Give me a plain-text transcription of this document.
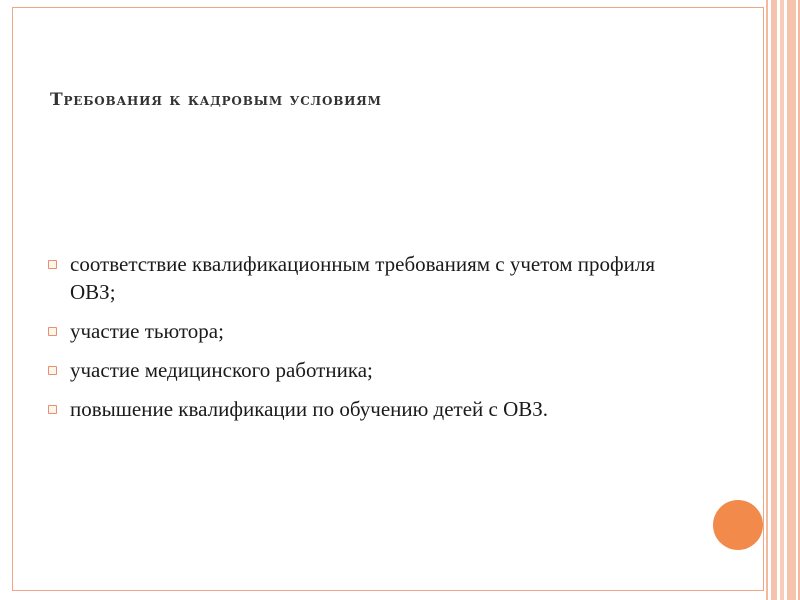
Требования к кадровым условиям
соответствие квалификационным требованиям с учетом профиля ОВЗ;
участие тьютора;
участие медицинского работника;
повышение квалификации по обучению детей с ОВЗ.
